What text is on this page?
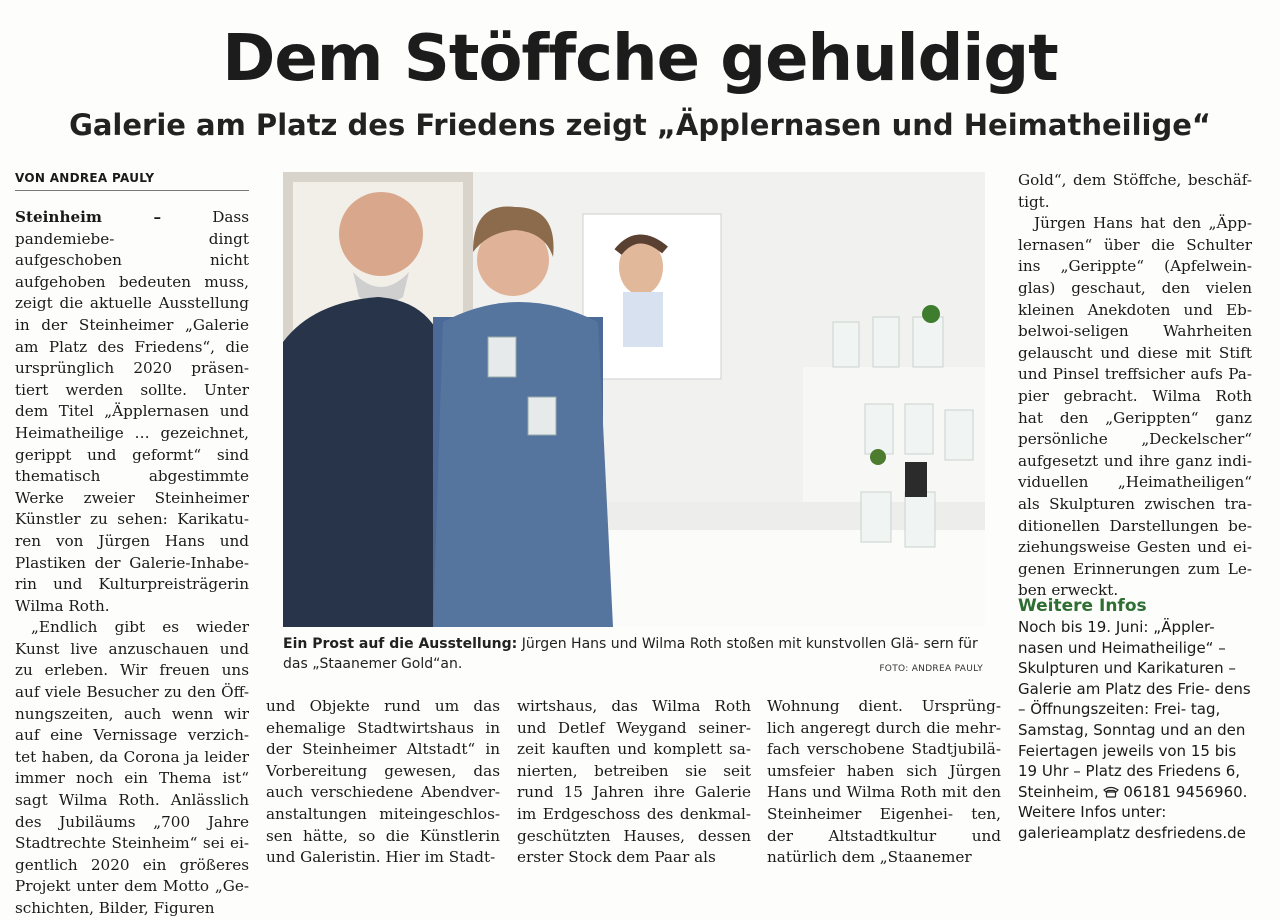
Dem Stöffche gehuldigt
Galerie am Platz des Friedens zeigt „Äpplernasen und Heimatheilige“
VON ANDREA PAULY

Steinheim –	Dass pandemiebe- dingt aufgeschoben nicht aufgehoben bedeuten muss, zeigt die aktuelle Ausstellung in der Steinheimer „Galerie am Platz des Friedens“, die ursprünglich 2020 präsen- tiert werden sollte. Unter dem Titel „Äpplernasen und Heimatheilige … gezeichnet, gerippt und geformt“ sind thematisch abgestimmte Werke zweier Steinheimer Künstler zu sehen: Karikatu- ren von Jürgen Hans und Plastiken der Galerie-Inhabe- rin und Kulturpreisträgerin Wilma Roth.

„Endlich gibt es wieder Kunst live anzuschauen und zu erleben. Wir freuen uns auf viele Besucher zu den Öff- nungszeiten, auch wenn wir auf eine Vernissage verzich- tet haben, da Corona ja leider immer noch ein Thema ist“ sagt Wilma Roth. Anlässlich des Jubiläums „700 Jahre Stadtrechte Steinheim“ sei ei- gentlich 2020 ein größeres Projekt unter dem Motto „Ge- schichten, Bilder, Figuren

Ein Prost auf die Ausstellung: Jürgen Hans und Wilma Roth stoßen mit kunstvollen Glä- sern für das „Staanemer Gold“an.	FOTO: ANDREA PAULY

und Objekte rund um das ehemalige Stadtwirtshaus in der Steinheimer Altstadt“ in Vorbereitung gewesen, das auch verschiedene Abendver- anstaltungen miteingeschlos- sen hätte, so die Künstlerin und Galeristin. Hier im Stadt-

wirtshaus, das Wilma Roth und Detlef Weygand seiner- zeit kauften und komplett sa- nierten, betreiben sie seit rund 15 Jahren ihre Galerie im Erdgeschoss des denkmal- geschützten Hauses, dessen erster Stock dem Paar als

Wohnung dient. Ursprüng- lich angeregt durch die mehr- fach verschobene Stadtjubilä- umsfeier haben sich Jürgen Hans und Wilma Roth mit den Steinheimer Eigenhei- ten, der Altstadtkultur und natürlich dem „Staanemer

Gold“, dem Stöffche, beschäf- tigt.

Jürgen Hans hat den „Äpp- lernasen“ über die Schulter ins „Gerippte“ (Apfelwein- glas) geschaut, den vielen kleinen Anekdoten und Eb- belwoi-seligen Wahrheiten gelauscht und diese mit Stift und Pinsel treffsicher aufs Pa- pier gebracht. Wilma Roth hat den „Gerippten“ ganz persönliche „Deckelscher“ aufgesetzt und ihre ganz indi- viduellen „Heimatheiligen“ als Skulpturen zwischen tra- ditionellen Darstellungen be- ziehungsweise Gesten und ei- genen Erinnerungen zum Le- ben erweckt.

Weitere Infos
Noch bis 19. Juni: „Äppler- nasen und Heimatheilige“ – Skulpturen und Karikaturen – Galerie am Platz des Frie- dens – Öffnungszeiten: Frei- tag, Samstag, Sonntag und an den Feiertagen jeweils von 15 bis 19 Uhr – Platz des Friedens 6, Steinheim, 06181 9456960. Weitere Infos unter: galerieamplatz desfriedens.de
